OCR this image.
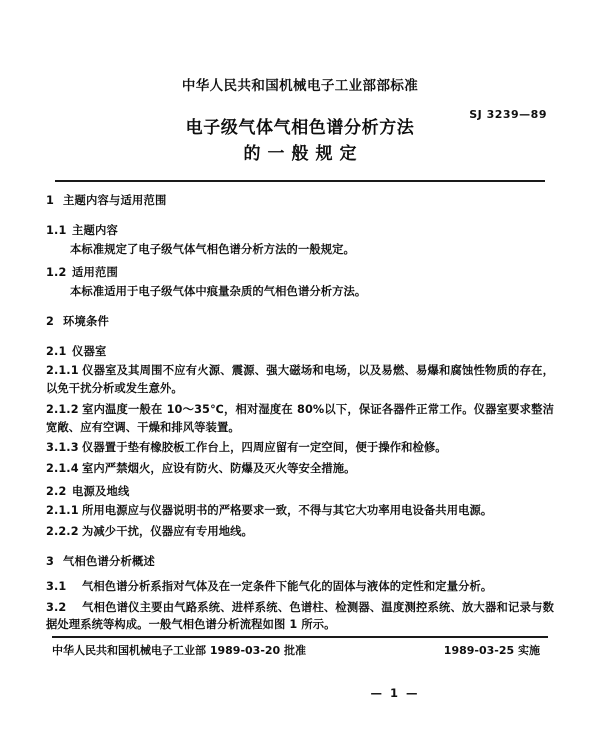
中华人民共和国机械电子工业部部标准
SJ 3239—89
电子级气体气相色谱分析方法
的一般规定
1 主题内容与适用范围
1.1 主题内容
本标准规定了电子级气体气相色谱分析方法的一般规定。
1.2 适用范围
本标准适用于电子级气体中痕量杂质的气相色谱分析方法。
2 环境条件
2.1 仪器室
2.1.1 仪器室及其周围不应有火源、震源、强大磁场和电场，以及易燃、易爆和腐蚀性物质的存在，以免干扰分析或发生意外。
2.1.2 室内温度一般在 10～35℃，相对湿度在 80%以下，保证各器件正常工作。仪器室要求整洁宽敞、应有空调、干燥和排风等装置。
3.1.3 仪器置于垫有橡胶板工作台上，四周应留有一定空间，便于操作和检修。
2.1.4 室内严禁烟火，应设有防火、防爆及灭火等安全措施。
2.2 电源及地线
2.1.1 所用电源应与仪器说明书的严格要求一致，不得与其它大功率用电设备共用电源。
2.2.2 为减少干扰，仪器应有专用地线。
3 气相色谱分析概述
3.1 气相色谱分析系指对气体及在一定条件下能气化的固体与液体的定性和定量分析。
3.2 气相色谱仪主要由气路系统、进样系统、色谱柱、检测器、温度测控系统、放大器和记录与数据处理系统等构成。一般气相色谱分析流程如图 1 所示。
中华人民共和国机械电子工业部 1989-03-20 批准	1989-03-25 实施
— 1 —
